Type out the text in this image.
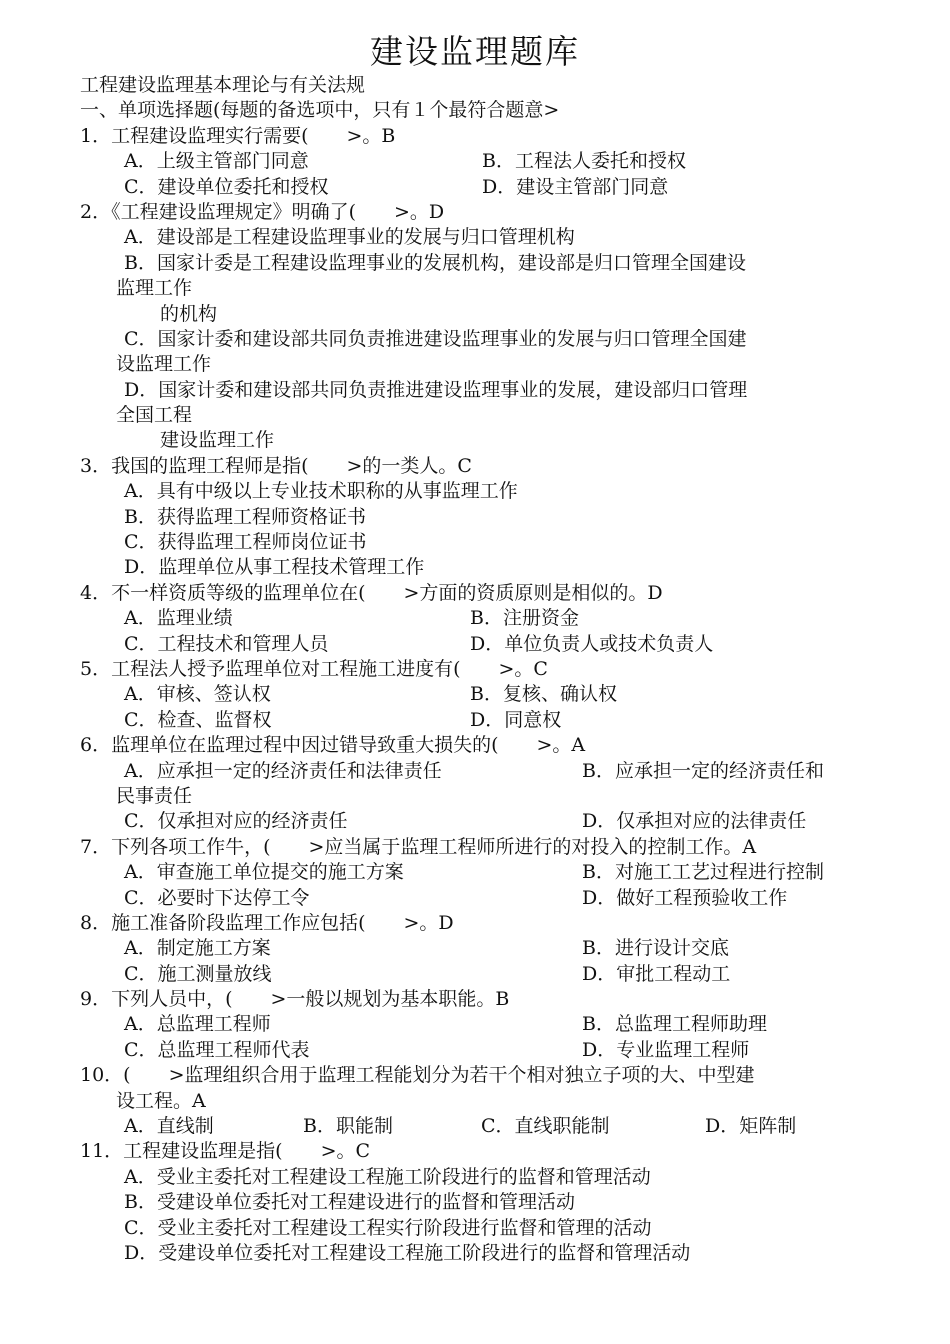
建设监理题库
工程建设监理基本理论与有关法规
一、单项选择题(每题的备选项中，只有１个最符合题意>
1．工程建设监理实行需要(　　>。B
A．上级主管部门同意	B．工程法人委托和授权
C．建设单位委托和授权	D．建设主管部门同意
2．《工程建设监理规定》明确了(　　>。D
A．建设部是工程建设监理事业的发展与归口管理机构
B．国家计委是工程建设监理事业的发展机构，建设部是归口管理全国建设
监理工作
的机构
C．国家计委和建设部共同负责推进建设监理事业的发展与归口管理全国建
设监理工作
D．国家计委和建设部共同负责推进建设监理事业的发展，建设部归口管理
全国工程
建设监理工作
3．我国的监理工程师是指(　　>的一类人。C
A．具有中级以上专业技术职称的从事监理工作
B．获得监理工程师资格证书
C．获得监理工程师岗位证书
D．监理单位从事工程技术管理工作
4．不一样资质等级的监理单位在(　　>方面的资质原则是相似的。D
A．监理业绩	B．注册资金
C．工程技术和管理人员	D．单位负责人或技术负责人
5．工程法人授予监理单位对工程施工进度有(　　>。C
A．审核、签认权	B．复核、确认权
C．检查、监督权	D．同意权
6．监理单位在监理过程中因过错导致重大损失的(　　>。A
A．应承担一定的经济责任和法律责任	B．应承担一定的经济责任和
民事责任
C．仅承担对应的经济责任	D．仅承担对应的法律责任
7．下列各项工作牛，(　　>应当属于监理工程师所进行的对投入的控制工作。A
A．审查施工单位提交的施工方案	B．对施工工艺过程进行控制
C．必要时下达停工令	D．做好工程预验收工作
8．施工准备阶段监理工作应包括(　　>。D
A．制定施工方案	B．进行设计交底
C．施工测量放线	D．审批工程动工
9．下列人员中，(　　>一般以规划为基本职能。B
A．总监理工程师	B．总监理工程师助理
C．总监理工程师代表	D．专业监理工程师
10．(　　>监理组织合用于监理工程能划分为若干个相对独立子项的大、中型建
设工程。A
A．直线制	B．职能制	C．直线职能制	D．矩阵制
11．工程建设监理是指(　　>。C
A．受业主委托对工程建设工程施工阶段进行的监督和管理活动
B．受建设单位委托对工程建设进行的监督和管理活动
C．受业主委托对工程建设工程实行阶段进行监督和管理的活动
D．受建设单位委托对工程建设工程施工阶段进行的监督和管理活动
